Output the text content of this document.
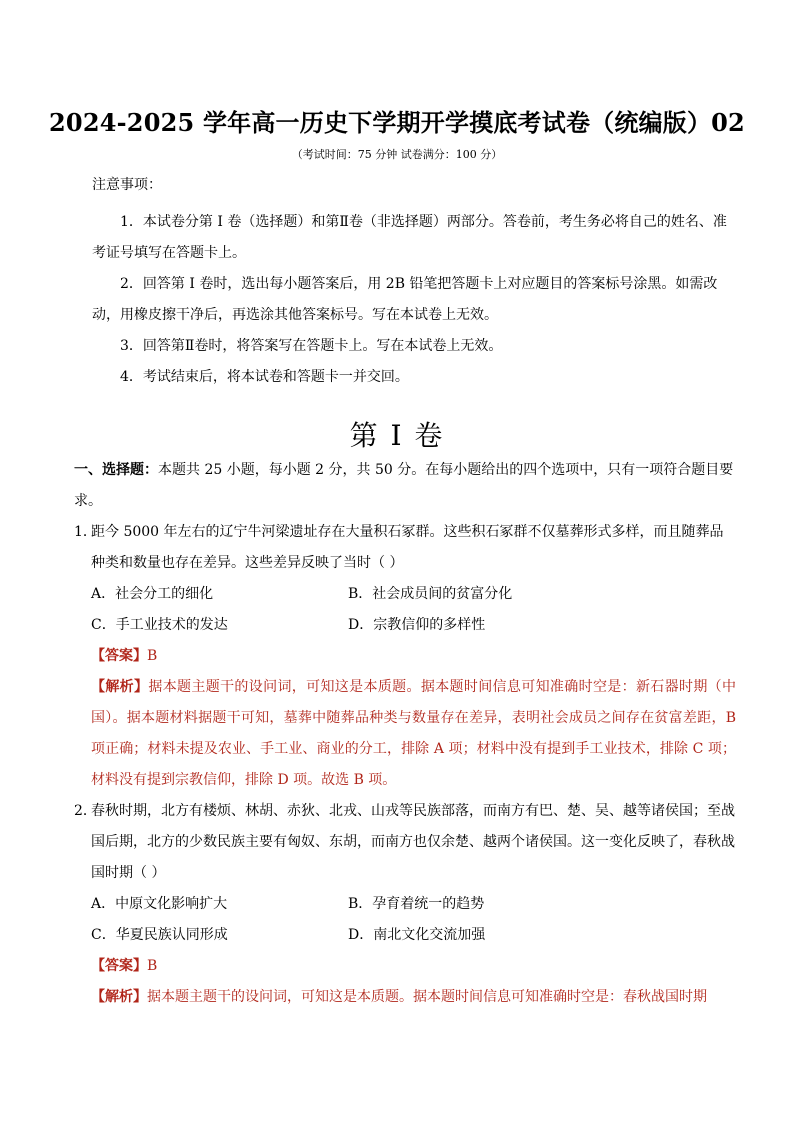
2024-2025 学年高一历史下学期开学摸底考试卷（统编版）02
（考试时间：75 分钟 试卷满分：100 分）
注意事项：
1．本试卷分第 I 卷（选择题）和第Ⅱ卷（非选择题）两部分。答卷前，考生务必将自己的姓名、准考证号填写在答题卡上。
2．回答第 I 卷时，选出每小题答案后，用 2B 铅笔把答题卡上对应题目的答案标号涂黑。如需改动，用橡皮擦干净后，再选涂其他答案标号。写在本试卷上无效。
3．回答第Ⅱ卷时，将答案写在答题卡上。写在本试卷上无效。
4．考试结束后，将本试卷和答题卡一并交回。
第 I 卷
一、选择题：本题共 25 小题，每小题 2 分，共 50 分。在每小题给出的四个选项中，只有一项符合题目要求。
1．
距今 5000 年左右的辽宁牛河梁遗址存在大量积石冢群。这些积石冢群不仅墓葬形式多样，而且随葬品种类和数量也存在差异。这些差异反映了当时（ ）
A．社会分工的细化	B．社会成员间的贫富分化
C．手工业技术的发达	D．宗教信仰的多样性
【答案】B
【解析】据本题主题干的设问词，可知这是本质题。据本题时间信息可知准确时空是：新石器时期（中国）。据本题材料据题干可知，墓葬中随葬品种类与数量存在差异，表明社会成员之间存在贫富差距，B 项正确；材料未提及农业、手工业、商业的分工，排除 A 项；材料中没有提到手工业技术，排除 C 项；材料没有提到宗教信仰，排除 D 项。故选 B 项。
2．
春秋时期，北方有楼烦、林胡、赤狄、北戎、山戎等民族部落，而南方有巴、楚、吴、越等诸侯国；至战国后期，北方的少数民族主要有匈奴、东胡，而南方也仅余楚、越两个诸侯国。这一变化反映了，春秋战国时期（ ）
A．中原文化影响扩大	B．孕育着统一的趋势
C．华夏民族认同形成	D．南北文化交流加强
【答案】B
【解析】据本题主题干的设问词，可知这是本质题。据本题时间信息可知准确时空是：春秋战国时期
